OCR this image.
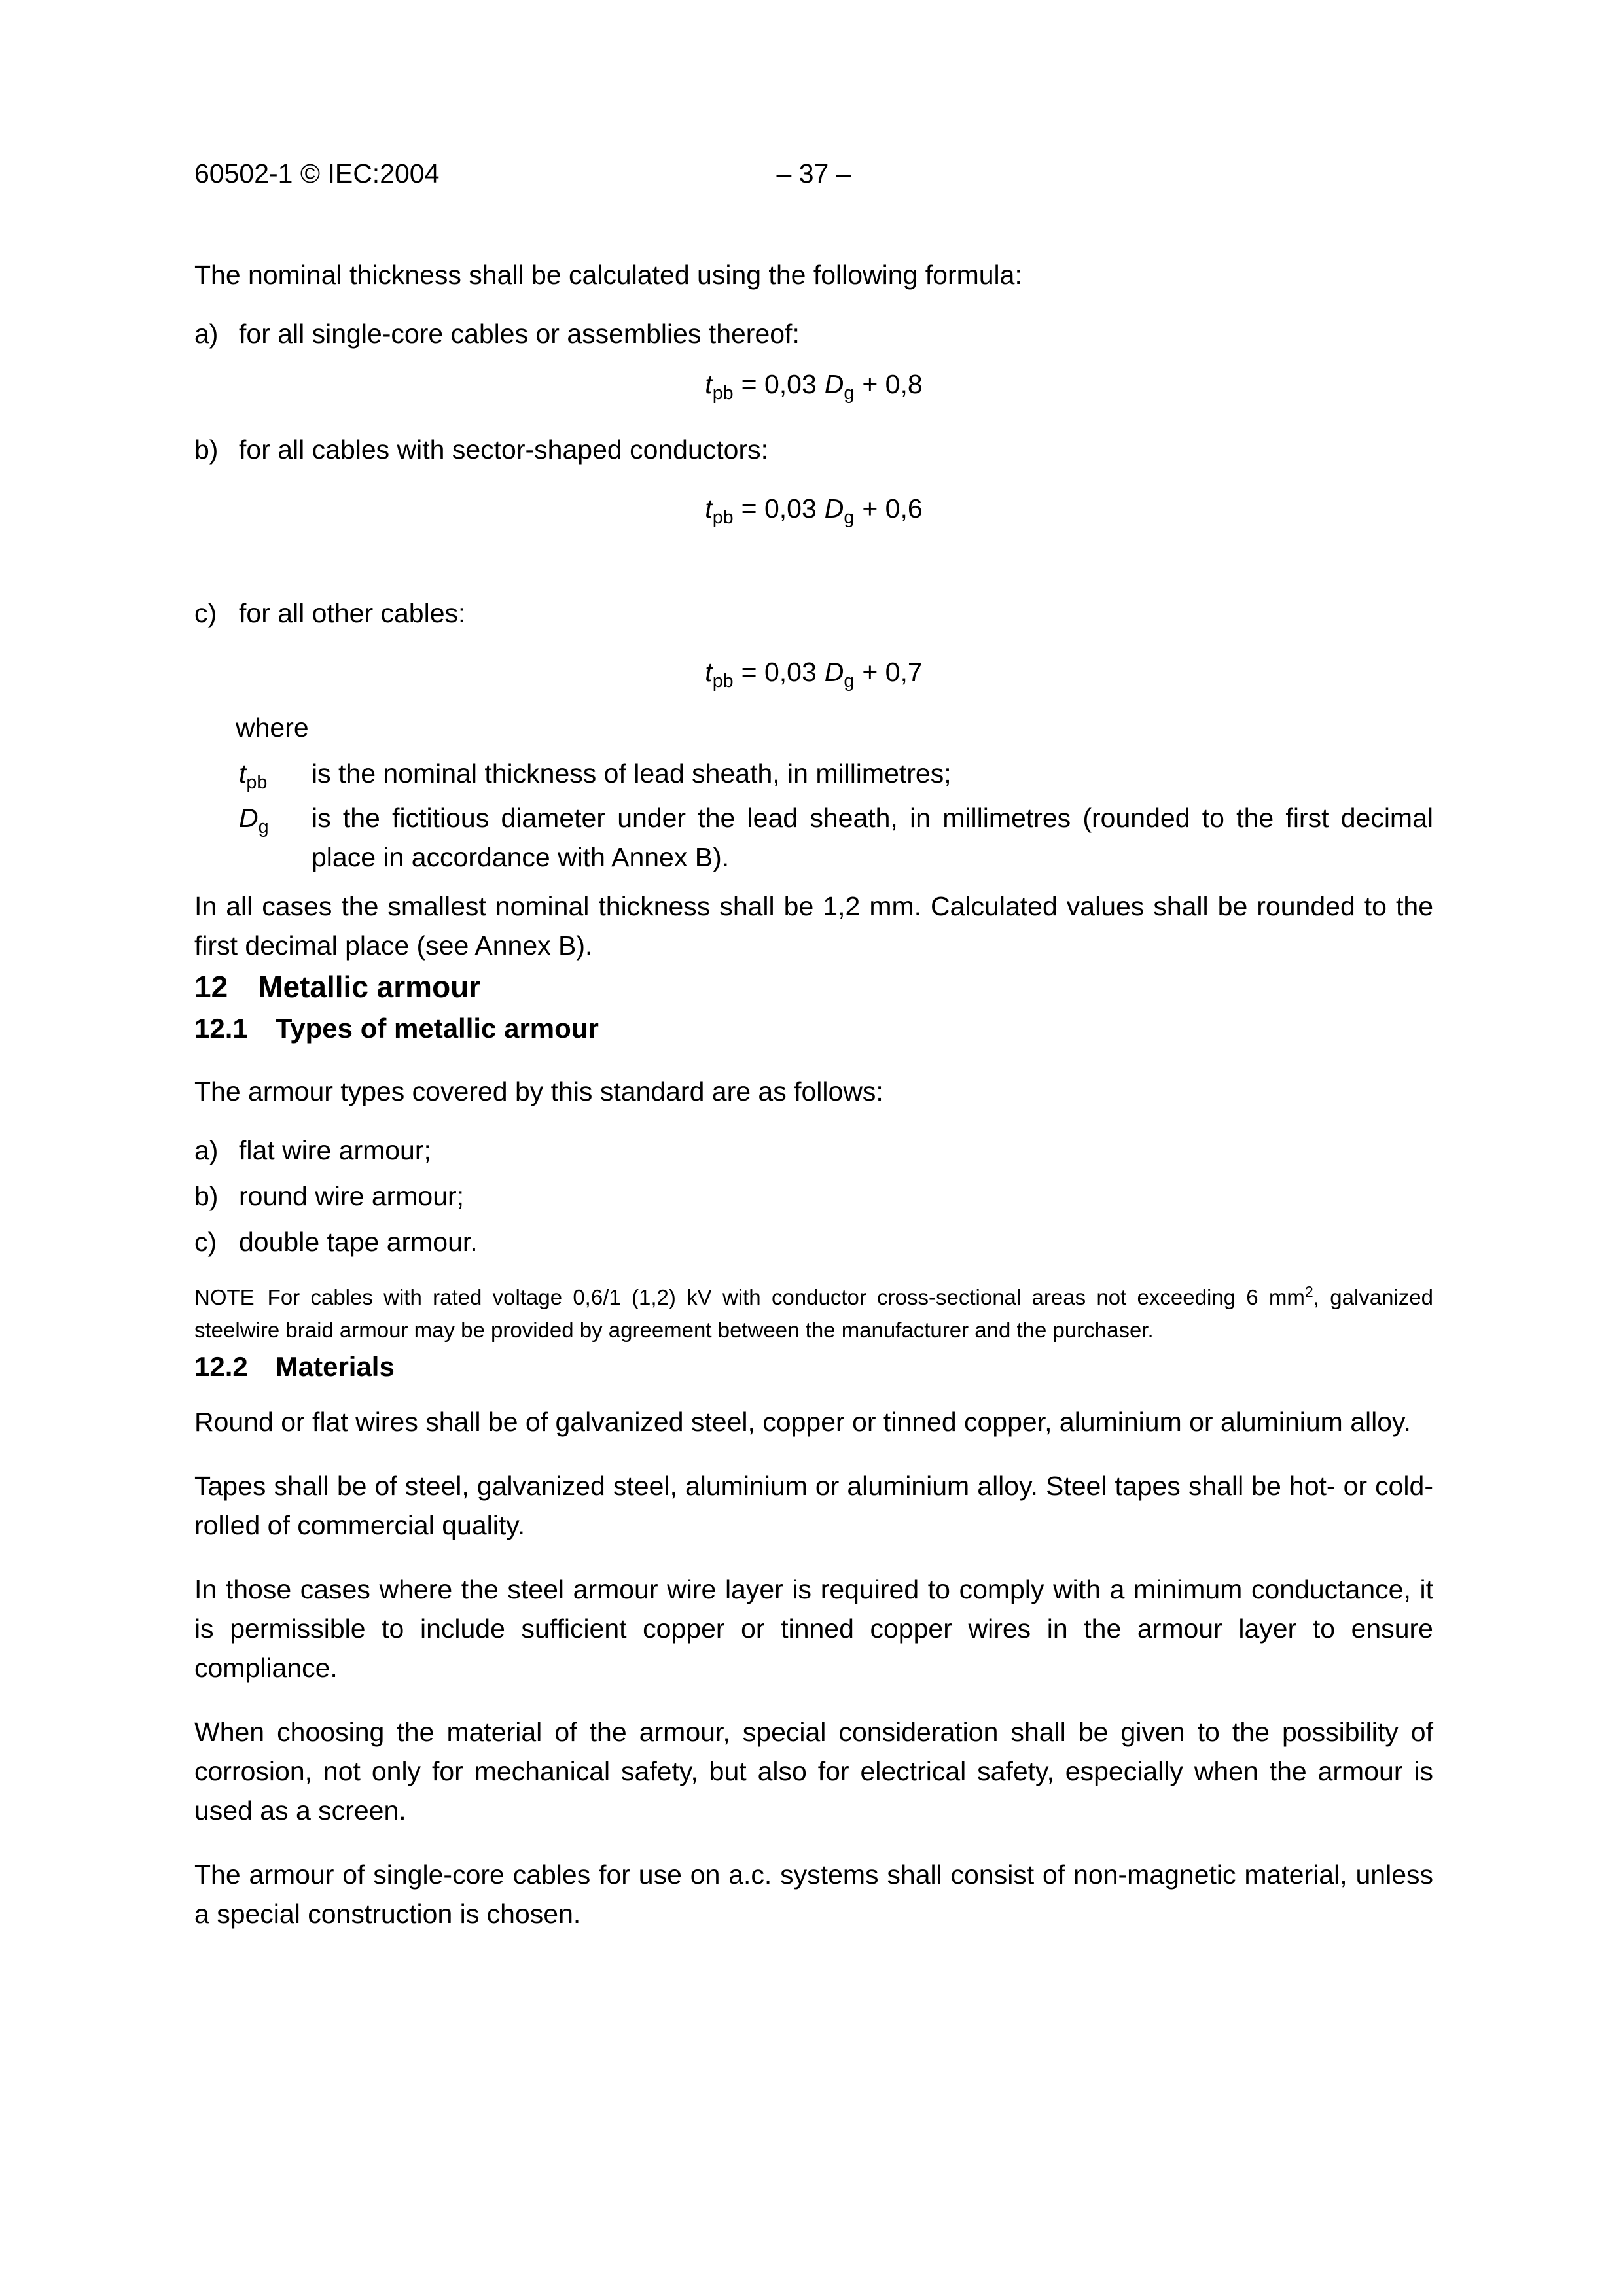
60502-1 © IEC:2004	– 37 –

The nominal thickness shall be calculated using the following formula:

a) for all single-core cables or assemblies thereof:
$t_{pb} = 0,03$ $D_g + 0,8$
b) for all cables with sector-shaped conductors:
$t_{pb} = 0,03$ $D_g + 0,6$
c) for all other cables:
$t_{pb} = 0,03$ $D_g + 0,7$

where

$t_{pb}$	is the nominal thickness of lead sheath, in millimetres;
$D_g$	is the fictitious diameter under the lead sheath, in millimetres (rounded to the first decimal place in accordance with Annex B).

In all cases the smallest nominal thickness shall be 1,2 mm. Calculated values shall be rounded to the first decimal place (see Annex B).

12 Metallic armour
12.1 Types of metallic armour

The armour types covered by this standard are as follows:

a) flat wire armour;
b) round wire armour;
c) double tape armour.

NOTE For cables with rated voltage 0,6/1 (1,2) kV with conductor cross-sectional areas not exceeding 6 mm$^2$, galvanized steelwire braid armour may be provided by agreement between the manufacturer and the purchaser.

12.2 Materials

Round or flat wires shall be of galvanized steel, copper or tinned copper, aluminium or aluminium alloy.

Tapes shall be of steel, galvanized steel, aluminium or aluminium alloy. Steel tapes shall be hot- or cold-rolled of commercial quality.

In those cases where the steel armour wire layer is required to comply with a minimum conductance, it is permissible to include sufficient copper or tinned copper wires in the armour layer to ensure compliance.

When choosing the material of the armour, special consideration shall be given to the possibility of corrosion, not only for mechanical safety, but also for electrical safety, especially when the armour is used as a screen.

The armour of single-core cables for use on a.c. systems shall consist of non-magnetic material, unless a special construction is chosen.
